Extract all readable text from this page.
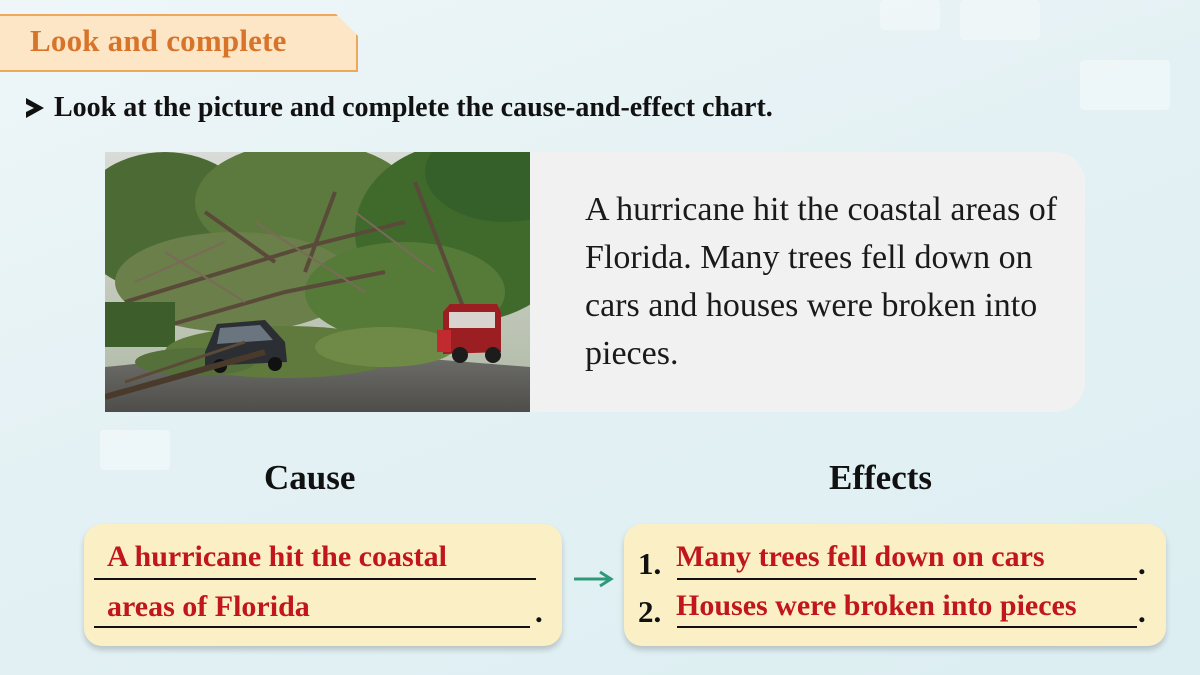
Look and complete
Look at the picture and complete the cause-and-effect chart.
A hurricane hit the coastal areas of Florida. Many trees fell down on cars and houses were broken into pieces.
Cause	Effects
A hurricane hit the coastal
areas of Florida	.
1.
2.
Many trees fell down on cars
Houses were broken into pieces
.
.
